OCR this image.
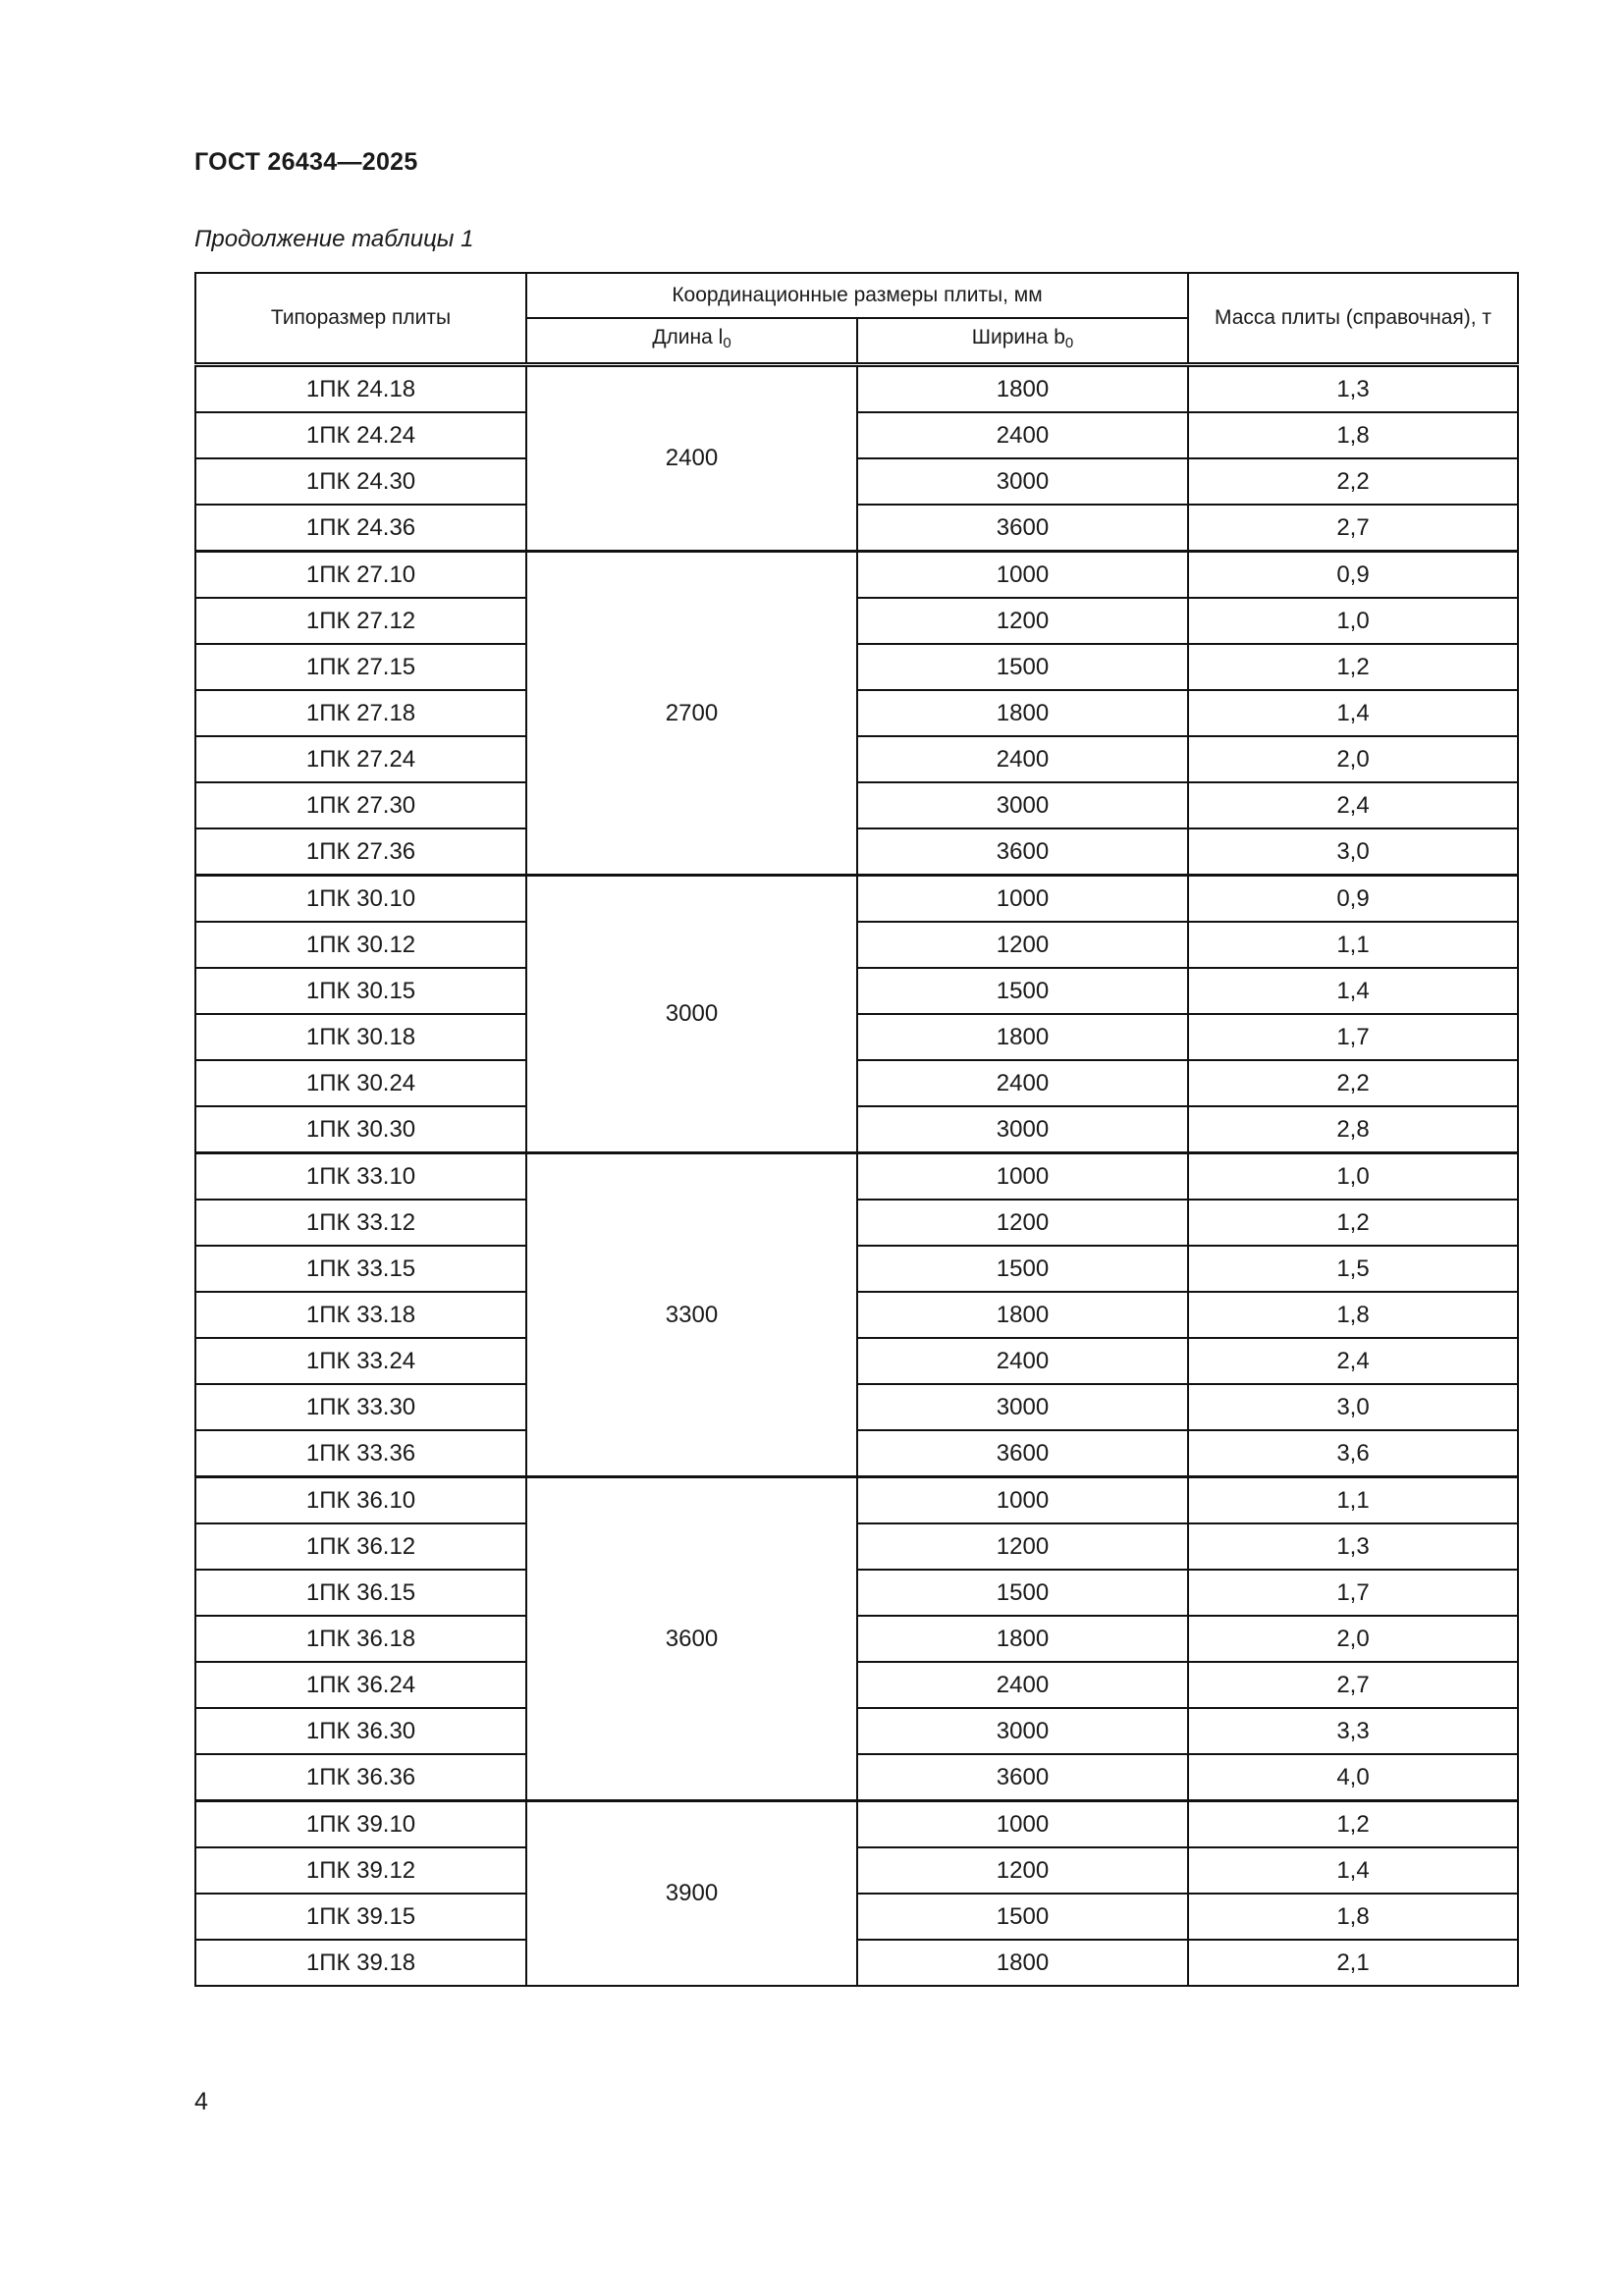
ГОСТ 26434—2025

Продолжение таблицы 1

Типоразмер плиты	Координационные размеры плиты, мм		Масса плиты (справочная), т
	Длина $l_0$	Ширина $b_0$
1ПК 24.18	2400	1800	1,3
1ПК 24.24		2400	1,8
1ПК 24.30		3000	2,2
1ПК 24.36		3600	2,7
1ПК 27.10	2700	1000	0,9
1ПК 27.12		1200	1,0
1ПК 27.15		1500	1,2
1ПК 27.18		1800	1,4
1ПК 27.24		2400	2,0
1ПК 27.30		3000	2,4
1ПК 27.36		3600	3,0
1ПК 30.10	3000	1000	0,9
1ПК 30.12		1200	1,1
1ПК 30.15		1500	1,4
1ПК 30.18		1800	1,7
1ПК 30.24		2400	2,2
1ПК 30.30		3000	2,8
1ПК 33.10	3300	1000	1,0
1ПК 33.12		1200	1,2
1ПК 33.15		1500	1,5
1ПК 33.18		1800	1,8
1ПК 33.24		2400	2,4
1ПК 33.30		3000	3,0
1ПК 33.36		3600	3,6
1ПК 36.10	3600	1000	1,1
1ПК 36.12		1200	1,3
1ПК 36.15		1500	1,7
1ПК 36.18		1800	2,0
1ПК 36.24		2400	2,7
1ПК 36.30		3000	3,3
1ПК 36.36		3600	4,0
1ПК 39.10	3900	1000	1,2
1ПК 39.12		1200	1,4
1ПК 39.15		1500	1,8
1ПК 39.18		1800	2,1

4
